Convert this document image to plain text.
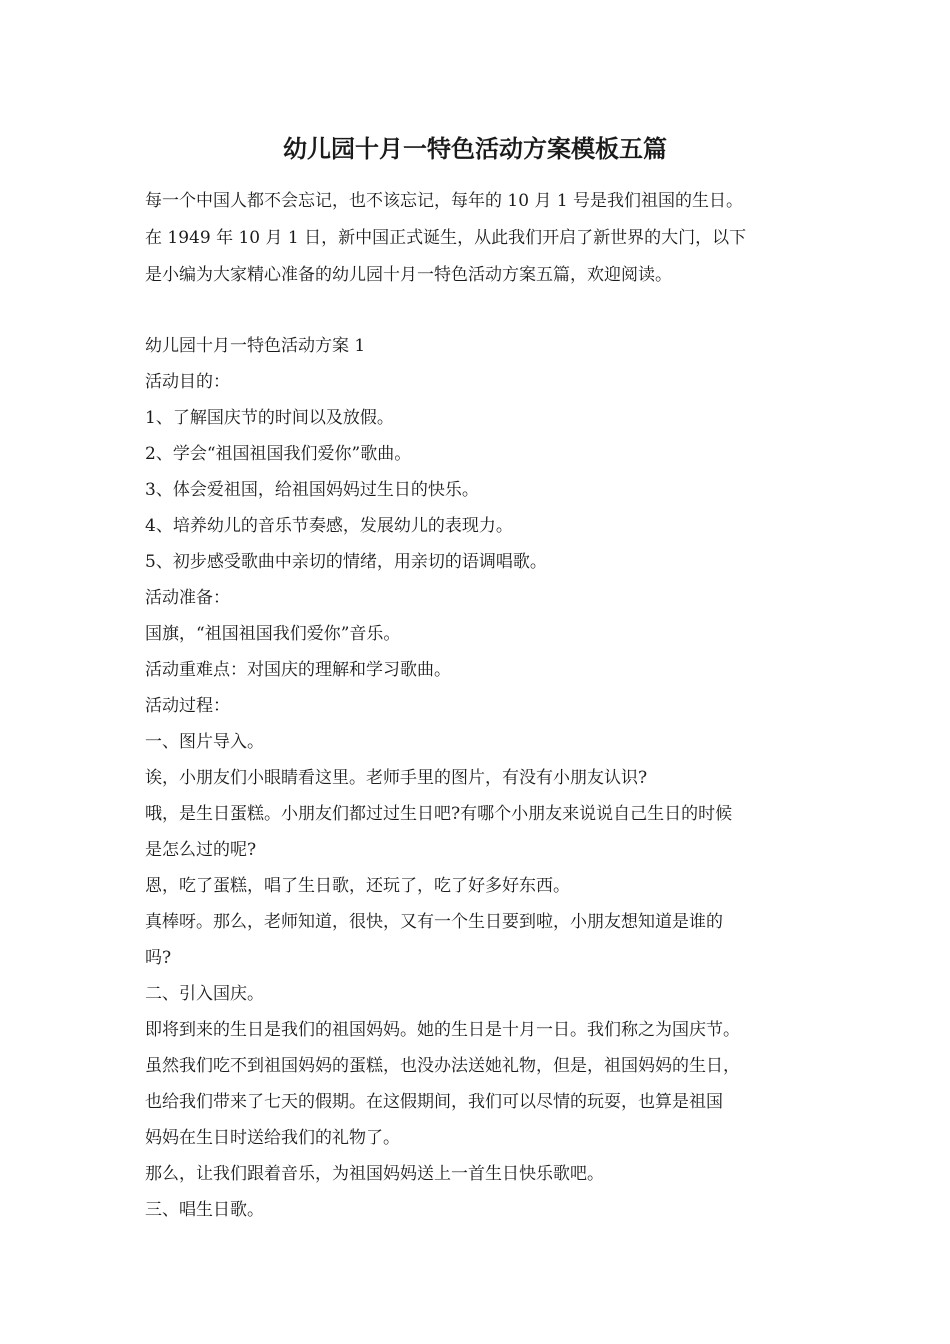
幼儿园十月一特色活动方案模板五篇

每一个中国人都不会忘记，也不该忘记，每年的 10 月 1 号是我们祖国的生日。

在 1949 年 10 月 1 日，新中国正式诞生，从此我们开启了新世界的大门，以下

是小编为大家精心准备的幼儿园十月一特色活动方案五篇，欢迎阅读。

幼儿园十月一特色活动方案 1

活动目的：

1、了解国庆节的时间以及放假。

2、学会“祖国祖国我们爱你”歌曲。

3、体会爱祖国，给祖国妈妈过生日的快乐。

4、培养幼儿的音乐节奏感，发展幼儿的表现力。

5、初步感受歌曲中亲切的情绪，用亲切的语调唱歌。

活动准备：

国旗，“祖国祖国我们爱你”音乐。

活动重难点：对国庆的理解和学习歌曲。

活动过程：

一、图片导入。

诶，小朋友们小眼睛看这里。老师手里的图片，有没有小朋友认识?

哦，是生日蛋糕。小朋友们都过过生日吧?有哪个小朋友来说说自己生日的时候

是怎么过的呢?

恩，吃了蛋糕，唱了生日歌，还玩了，吃了好多好东西。

真棒呀。那么，老师知道，很快，又有一个生日要到啦，小朋友想知道是谁的

吗?

二、引入国庆。

即将到来的生日是我们的祖国妈妈。她的生日是十月一日。我们称之为国庆节。

虽然我们吃不到祖国妈妈的蛋糕，也没办法送她礼物，但是，祖国妈妈的生日，

也给我们带来了七天的假期。在这假期间，我们可以尽情的玩耍，也算是祖国

妈妈在生日时送给我们的礼物了。

那么，让我们跟着音乐，为祖国妈妈送上一首生日快乐歌吧。

三、唱生日歌。
